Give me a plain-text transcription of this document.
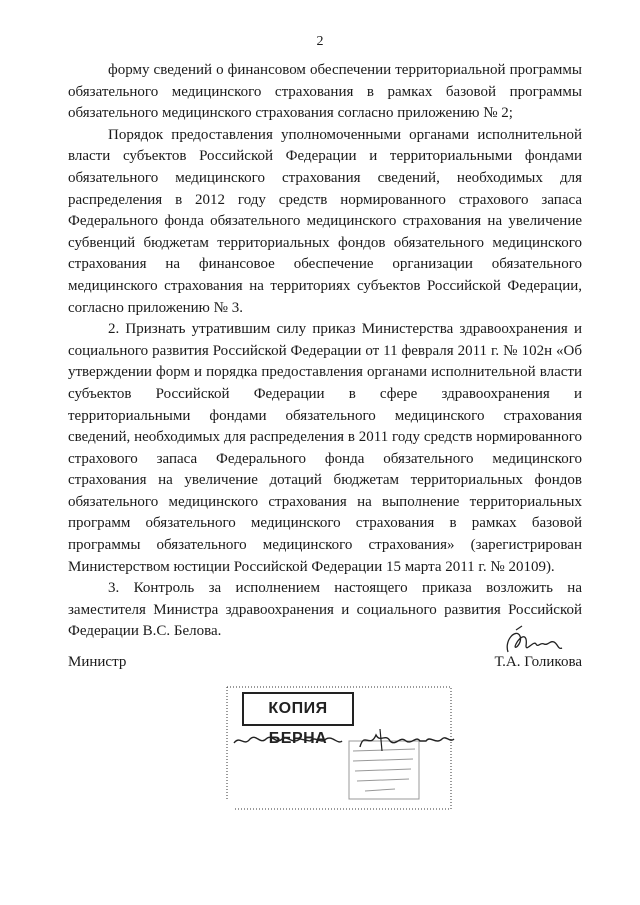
2

форму сведений о финансовом обеспечении территориальной программы обязательного медицинского страхования в рамках базовой программы обязательного медицинского страхования согласно приложению № 2;

Порядок предоставления уполномоченными органами исполнительной власти субъектов Российской Федерации и территориальными фондами обязательного медицинского страхования сведений, необходимых для распределения в 2012 году средств нормированного страхового запаса Федерального фонда обязательного медицинского страхования на увеличение субвенций бюджетам территориальных фондов обязательного медицинского страхования на финансовое обеспечение организации обязательного медицинского страхования на территориях субъектов Российской Федерации, согласно приложению № 3.

2. Признать утратившим силу приказ Министерства здравоохранения и социального развития Российской Федерации от 11 февраля 2011 г. № 102н «Об утверждении форм и порядка предоставления органами исполнительной власти субъектов Российской Федерации в сфере здравоохранения и территориальными фондами обязательного медицинского страхования сведений, необходимых для распределения в 2011 году средств нормированного страхового запаса Федерального фонда обязательного медицинского страхования на увеличение дотаций бюджетам территориальных фондов обязательного медицинского страхования на выполнение территориальных программ обязательного медицинского страхования в рамках базовой программы обязательного медицинского страхования» (зарегистрирован Министерством юстиции Российской Федерации 15 марта 2011 г. № 20109).

3. Контроль за исполнением настоящего приказа возложить на заместителя Министра здравоохранения и социального развития Российской Федерации В.С. Белова.

Министр	Т.А. Голикова
КОПИЯ БЕРНА
